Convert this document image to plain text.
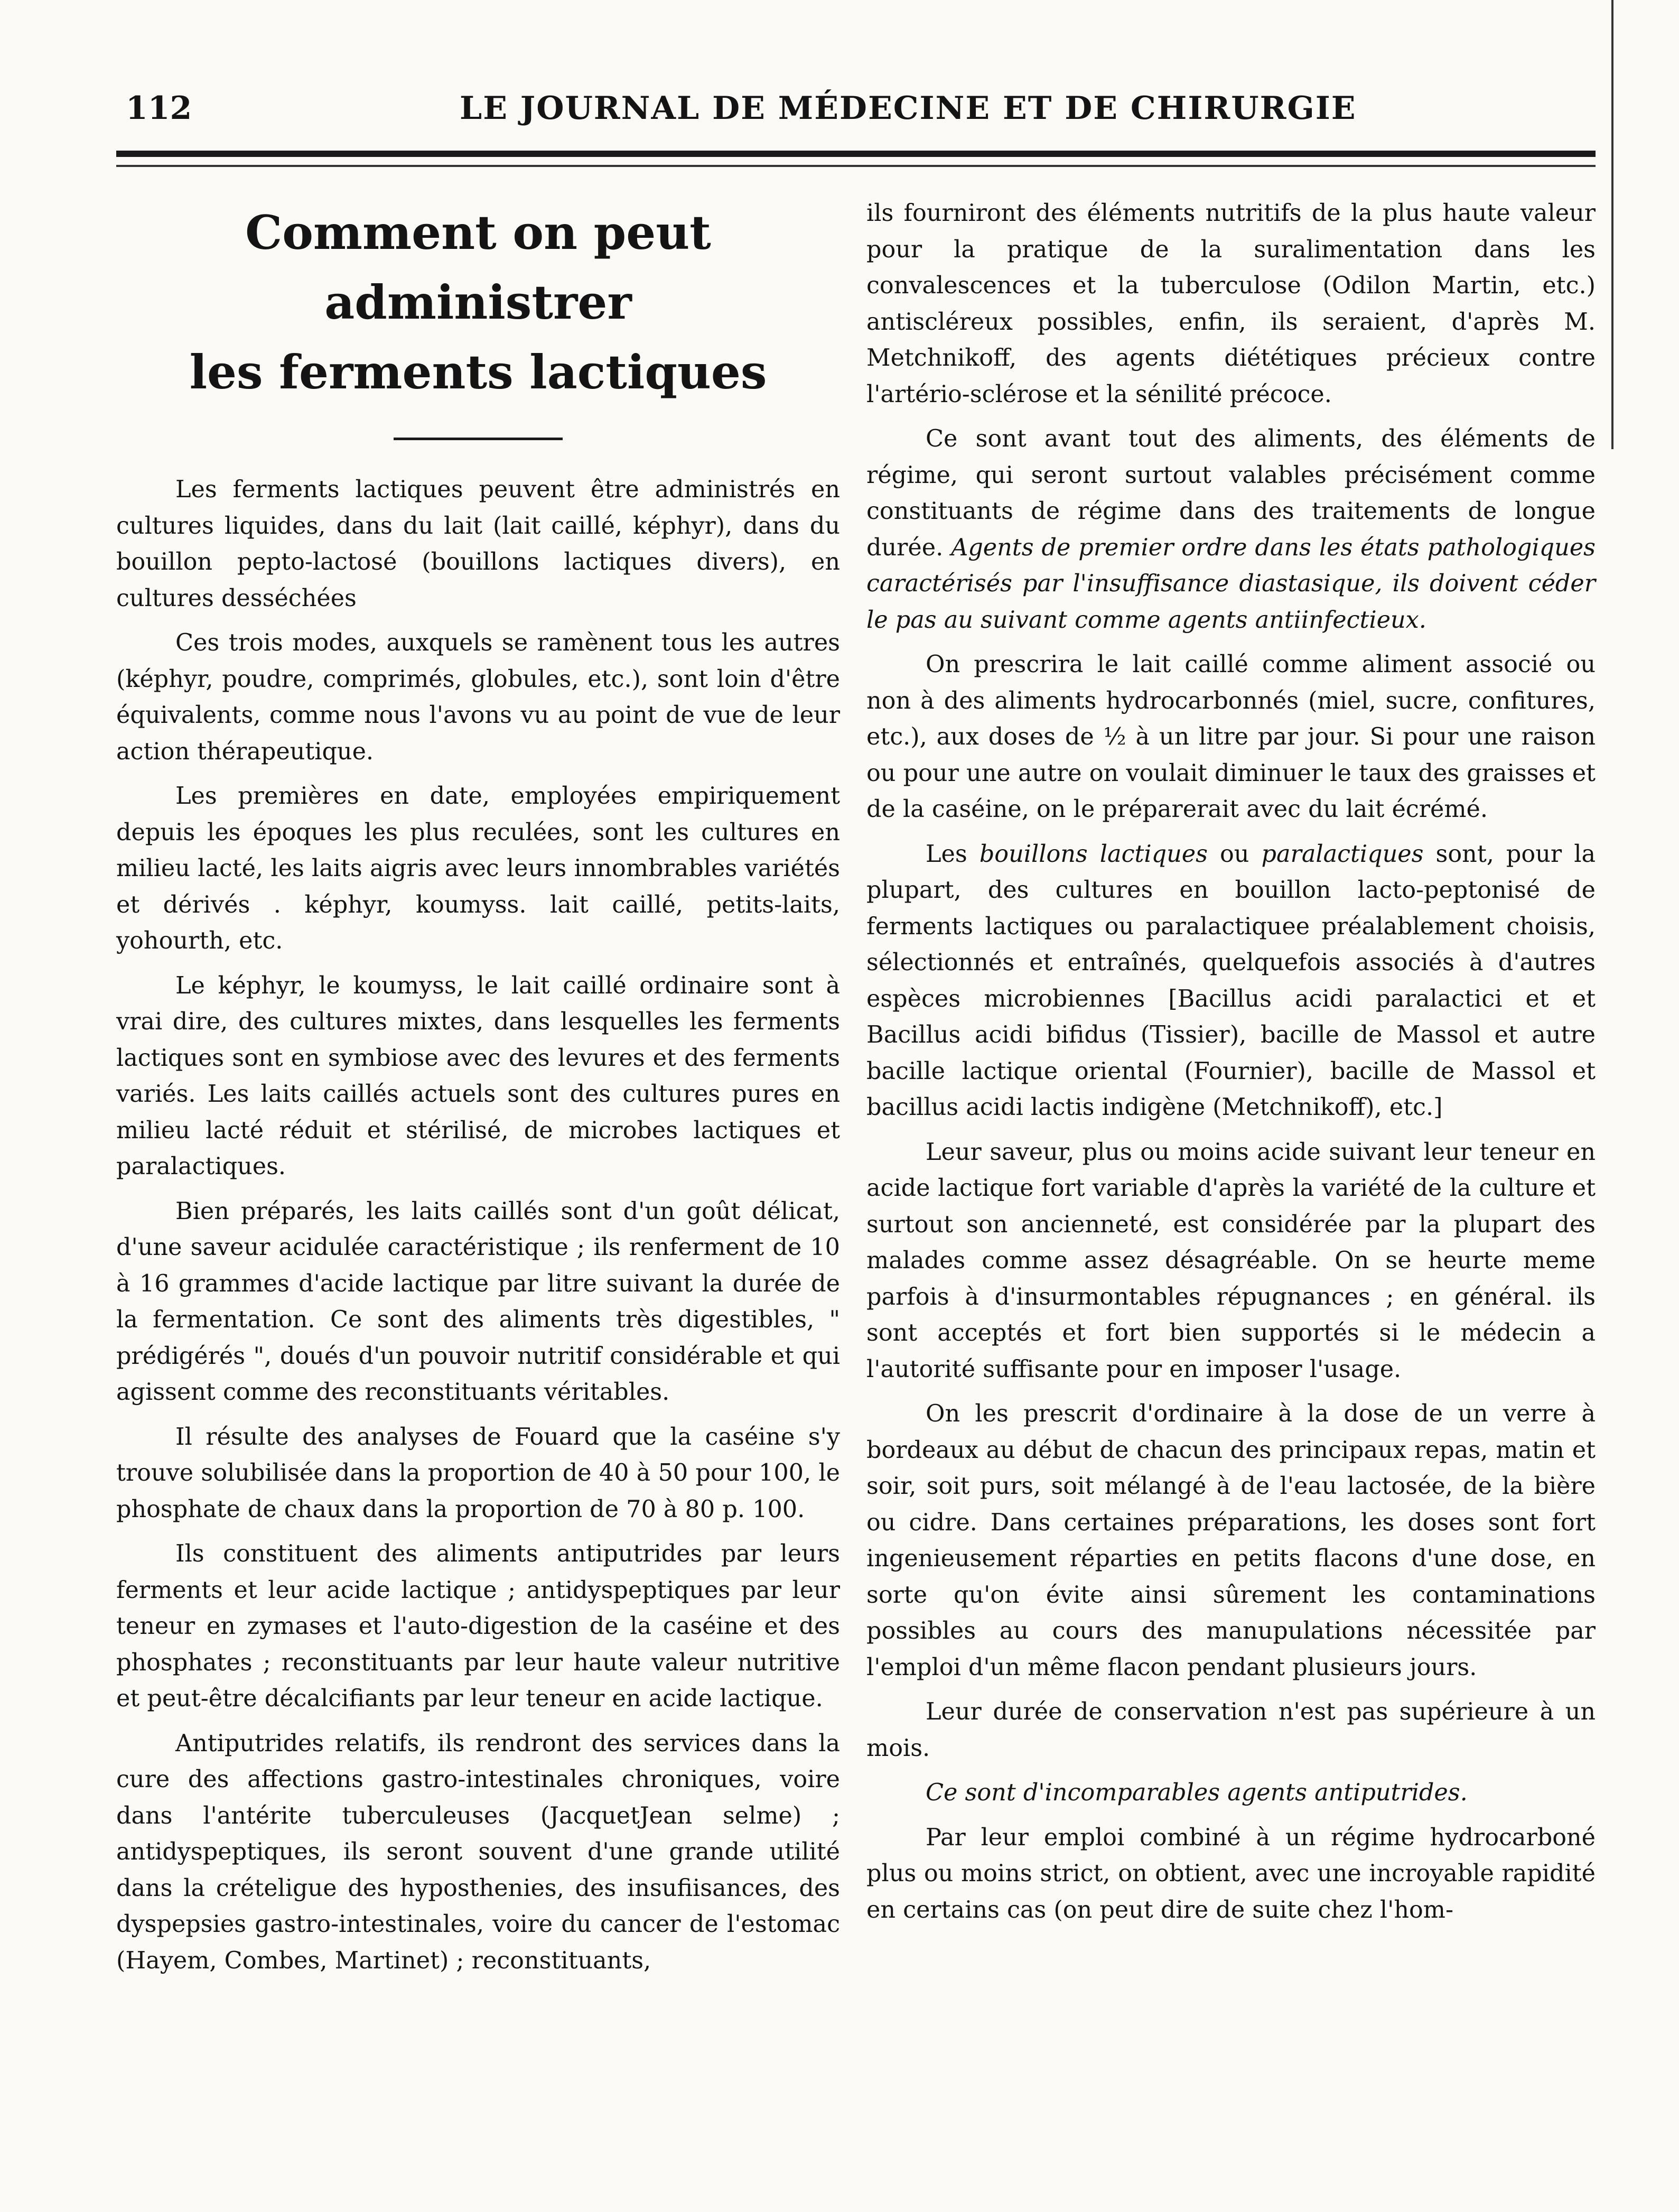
112	LE JOURNAL DE MÉDECINE ET DE CHIRURGIE
Comment on peut administrer
les ferments lactiques

Les ferments lactiques peuvent être administrés en cultures liquides, dans du lait (lait caillé, képhyr), dans du bouillon pepto-lactosé (bouillons lactiques divers), en cultures desséchées

Ces trois modes, auxquels se ramènent tous les autres (képhyr, poudre, comprimés, globules, etc.), sont loin d'être équivalents, comme nous l'avons vu au point de vue de leur action thérapeutique.

Les premières en date, employées empiriquement depuis les époques les plus reculées, sont les cultures en milieu lacté, les laits aigris avec leurs innombrables variétés et dérivés . képhyr, koumyss. lait caillé, petits-laits, yohourth, etc.

Le képhyr, le koumyss, le lait caillé ordinaire sont à vrai dire, des cultures mixtes, dans lesquelles les ferments lactiques sont en symbiose avec des levures et des ferments variés. Les laits caillés actuels sont des cultures pures en milieu lacté réduit et stérilisé, de microbes lactiques et paralactiques.

Bien préparés, les laits caillés sont d'un goût délicat, d'une saveur acidulée caractéristique ; ils renferment de 10 à 16 grammes d'acide lactique par litre suivant la durée de la fermentation. Ce sont des aliments très digestibles, " prédigérés ", doués d'un pouvoir nutritif considérable et qui agissent comme des reconstituants véritables.

Il résulte des analyses de Fouard que la caséine s'y trouve solubilisée dans la proportion de 40 à 50 pour 100, le phosphate de chaux dans la proportion de 70 à 80 p. 100.

Ils constituent des aliments antiputrides par leurs ferments et leur acide lactique ; antidyspeptiques par leur teneur en zymases et l'auto-digestion de la caséine et des phosphates ; reconstituants par leur haute valeur nutritive et peut-être décalcifiants par leur teneur en acide lactique.

Antiputrides relatifs, ils rendront des services dans la cure des affections gastro-intestinales chroniques, voire dans l'antérite tuberculeuses (JacquetJean selme) ; antidyspeptiques, ils seront souvent d'une grande utilité dans la crételigue des hyposthenies, des insufiisances, des dyspepsies gastro-intestinales, voire du cancer de l'estomac (Hayem, Combes, Martinet) ; reconstituants,

ils fourniront des éléments nutritifs de la plus haute valeur pour la pratique de la suralimentation dans les convalescences et la tuberculose (Odilon Martin, etc.) antiscléreux possibles, enfin, ils seraient, d'après M. Metchnikoff, des agents diététiques précieux contre l'artério-sclérose et la sénilité précoce.

Ce sont avant tout des aliments, des éléments de régime, qui seront surtout valables précisément comme constituants de régime dans des traitements de longue durée. Agents de premier ordre dans les états pathologiques caractérisés par l'insuffisance diastasique, ils doivent céder le pas au suivant comme agents antiinfectieux.

On prescrira le lait caillé comme aliment associé ou non à des aliments hydrocarbonnés (miel, sucre, confitures, etc.), aux doses de ½ à un litre par jour. Si pour une raison ou pour une autre on voulait diminuer le taux des graisses et de la caséine, on le préparerait avec du lait écrémé.

Les bouillons lactiques ou paralactiques sont, pour la plupart, des cultures en bouillon lacto-peptonisé de ferments lactiques ou paralactiquee préalablement choisis, sélectionnés et entraînés, quelquefois associés à d'autres espèces microbiennes [Bacillus acidi paralactici et et Bacillus acidi bifidus (Tissier), bacille de Massol et autre bacille lactique oriental (Fournier), bacille de Massol et bacillus acidi lactis indigène (Metchnikoff), etc.]

Leur saveur, plus ou moins acide suivant leur teneur en acide lactique fort variable d'après la variété de la culture et surtout son ancienneté, est considérée par la plupart des malades comme assez désagréable. On se heurte meme parfois à d'insurmontables répugnances ; en général. ils sont acceptés et fort bien supportés si le médecin a l'autorité suffisante pour en imposer l'usage.

On les prescrit d'ordinaire à la dose de un verre à bordeaux au début de chacun des principaux repas, matin et soir, soit purs, soit mélangé à de l'eau lactosée, de la bière ou cidre. Dans certaines préparations, les doses sont fort ingenieusement réparties en petits flacons d'une dose, en sorte qu'on évite ainsi sûrement les contaminations possibles au cours des manupulations nécessitée par l'emploi d'un même flacon pendant plusieurs jours.

Leur durée de conservation n'est pas supérieure à un mois.

Ce sont d'incomparables agents antiputrides.

Par leur emploi combiné à un régime hydrocarboné plus ou moins strict, on obtient, avec une incroyable rapidité en certains cas (on peut dire de suite chez l'hom-
